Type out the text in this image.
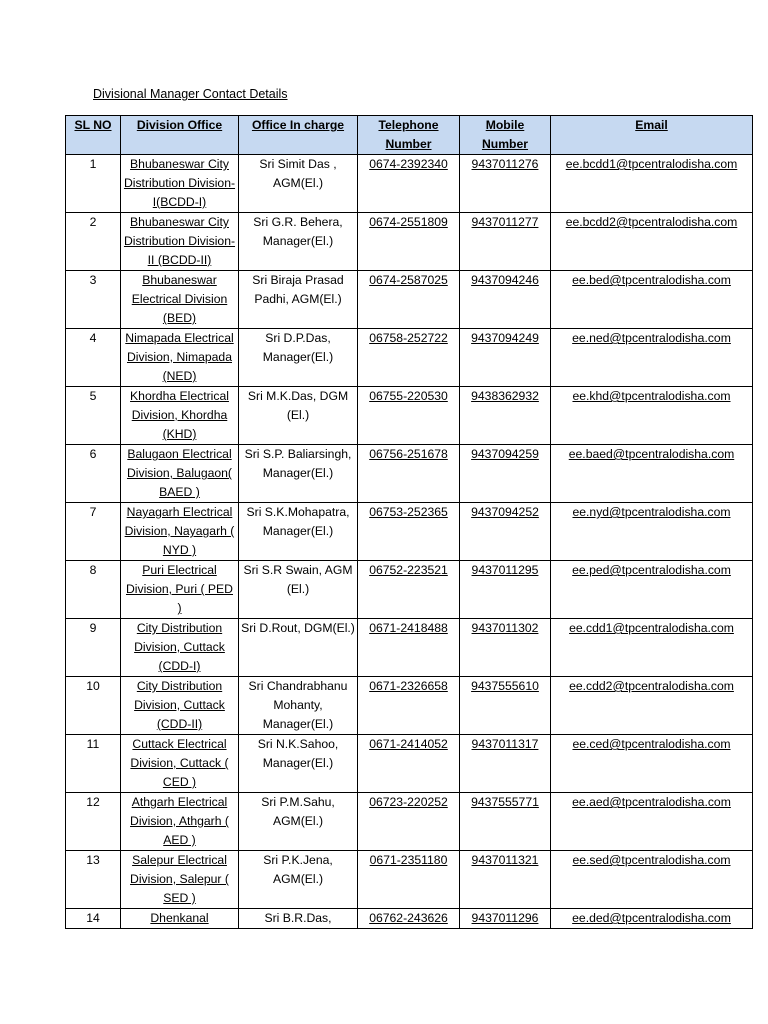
Divisional Manager Contact Details
SL NO	Division Office	Office In charge	Telephone Number	Mobile Number	Email
1	Bhubaneswar City Distribution Division-I(BCDD-I)	Sri Simit Das , AGM(El.)	0674-2392340	9437011276	ee.bcdd1@tpcentralodisha.com
2	Bhubaneswar City Distribution Division-II (BCDD-II)	Sri G.R. Behera, Manager(El.)	0674-2551809	9437011277	ee.bcdd2@tpcentralodisha.com
3	Bhubaneswar Electrical Division (BED)	Sri Biraja Prasad Padhi, AGM(El.)	0674-2587025	9437094246	ee.bed@tpcentralodisha.com
4	Nimapada Electrical Division, Nimapada (NED)	Sri D.P.Das, Manager(El.)	06758-252722	9437094249	ee.ned@tpcentralodisha.com
5	Khordha Electrical Division, Khordha (KHD)	Sri M.K.Das, DGM (El.)	06755-220530	9438362932	ee.khd@tpcentralodisha.com
6	Balugaon Electrical Division, Balugaon( BAED )	Sri S.P. Baliarsingh, Manager(El.)	06756-251678	9437094259	ee.baed@tpcentralodisha.com
7	Nayagarh Electrical Division, Nayagarh ( NYD )	Sri S.K.Mohapatra, Manager(El.)	06753-252365	9437094252	ee.nyd@tpcentralodisha.com
8	Puri Electrical Division, Puri ( PED )	Sri S.R Swain, AGM (El.)	06752-223521	9437011295	ee.ped@tpcentralodisha.com
9	City Distribution Division, Cuttack (CDD-I)	Sri D.Rout, DGM(El.)	0671-2418488	9437011302	ee.cdd1@tpcentralodisha.com
10	City Distribution Division, Cuttack (CDD-II)	Sri Chandrabhanu Mohanty, Manager(El.)	0671-2326658	9437555610	ee.cdd2@tpcentralodisha.com
11	Cuttack Electrical Division, Cuttack ( CED )	Sri N.K.Sahoo, Manager(El.)	0671-2414052	9437011317	ee.ced@tpcentralodisha.com
12	Athgarh Electrical Division, Athgarh ( AED )	Sri P.M.Sahu, AGM(El.)	06723-220252	9437555771	ee.aed@tpcentralodisha.com
13	Salepur Electrical Division, Salepur ( SED )	Sri P.K.Jena, AGM(El.)	0671-2351180	9437011321	ee.sed@tpcentralodisha.com
14	Dhenkanal	Sri B.R.Das,	06762-243626	9437011296	ee.ded@tpcentralodisha.com
